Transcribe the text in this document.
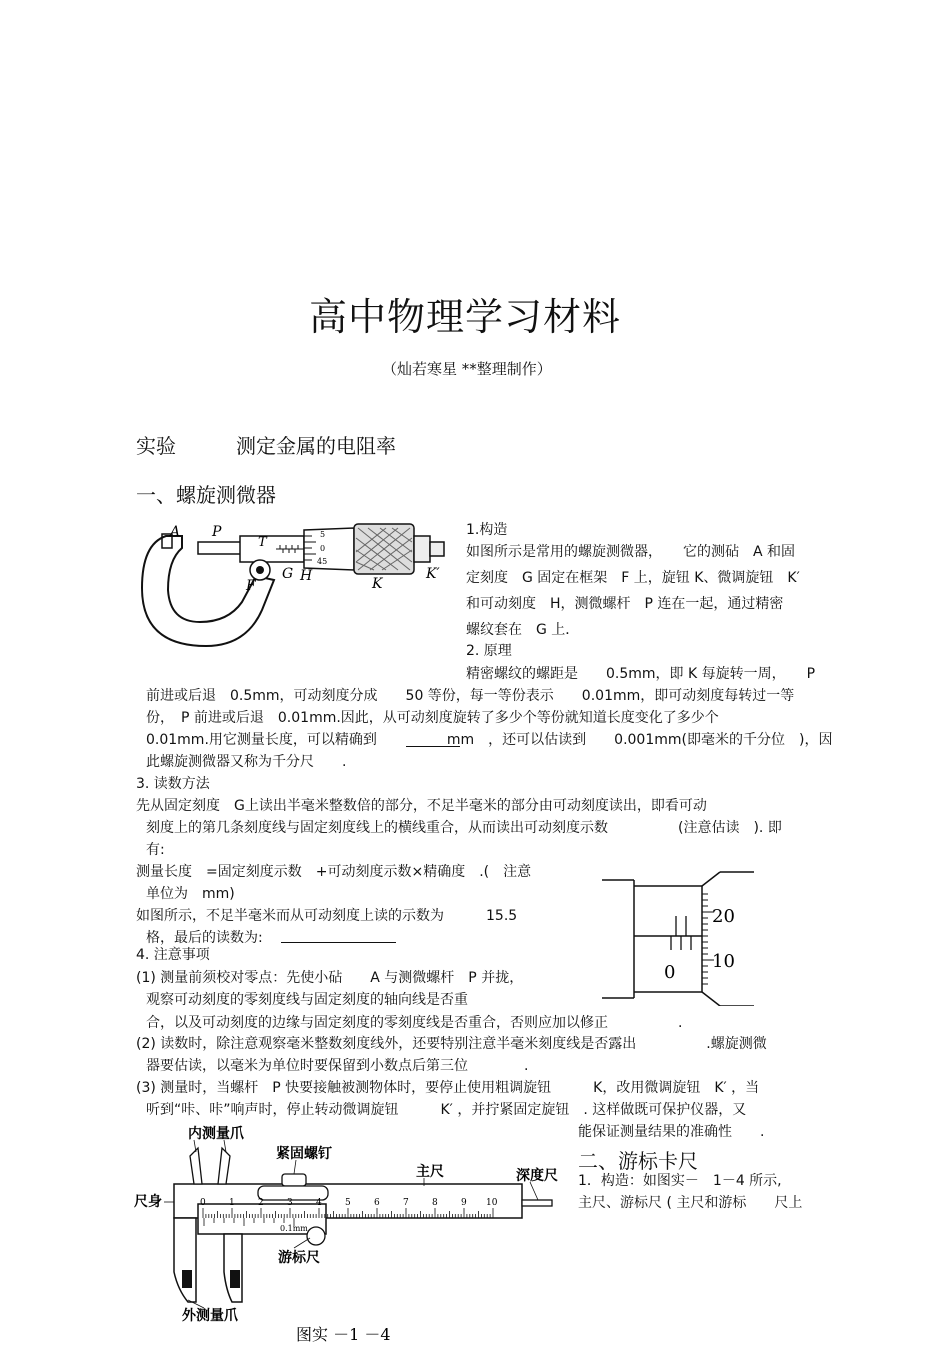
高中物理学习材料
（灿若寒星 **整理制作）
实验　　　测定金属的电阻率
一、螺旋测微器
A P
T
G H	K
F
K′
5
0
45
1.构造
如图所示是常用的螺旋测微器，　　它的测砧　A 和固
定刻度　G 固定在框架　F 上，旋钮 K、微调旋钮　K′
和可动刻度　H，测微螺杆　P 连在一起，通过精密
螺纹套在　G 上．
2. 原理
精密螺纹的螺距是　　0.5mm，即 K 每旋转一周，　　P
前进或后退　0.5mm，可动刻度分成　　50 等份，每一等份表示　　0.01mm，即可动刻度每转过一等
份，　P 前进或后退　0.01mm.因此，从可动刻度旋转了多少个等份就知道长度变化了多少个
0.01mm.用它测量长度，可以精确到　　　　　mm　，还可以估读到　　0.001mm(即毫米的千分位　)，因
此螺旋测微器又称为千分尺　　.
3. 读数方法
先从固定刻度　G上读出半毫米整数倍的部分，不足半毫米的部分由可动刻度读出，即看可动
刻度上的第几条刻度线与固定刻度线上的横线重合，从而读出可动刻度示数　　　　　(注意估读　). 即
有:
测量长度　=固定刻度示数　+可动刻度示数×精确度　.(　注意
单位为　mm)
如图所示，不足半毫米而从可动刻度上读的示数为　　　15.5
格，最后的读数为:
20
10
0
4. 注意事项
(1) 测量前须校对零点：先使小砧　　A 与测微螺杆　P 并拢，
观察可动刻度的零刻度线与固定刻度的轴向线是否重
合，以及可动刻度的边缘与固定刻度的零刻度线是否重合，否则应加以修正　　　　　.
(2) 读数时，除注意观察毫米整数刻度线外，还要特别注意半毫米刻度线是否露出　　　　　.螺旋测微
器要估读，以毫米为单位时要保留到小数点后第三位　　　　.
(3) 测量时，当螺杆　P 快要接触被测物体时，要停止使用粗调旋钮　　　K，改用微调旋钮　K′ ，当
听到“咔、咔”响声时，停止转动微调旋钮　　　K′ ，并拧紧固定旋钮　. 这样做既可保护仪器，又
能保证测量结果的准确性　　.
二、游标卡尺
1．构造：如图实－　1－4 所示,
主尺、游标尺 ( 主尺和游标　　尺上
0	1	2	3	4	5	6	7	8	9 10
0.1mm
内测量爪
紧固螺钉
主尺	深度尺
尺身
游标尺
外测量爪
图实 －1 －4
